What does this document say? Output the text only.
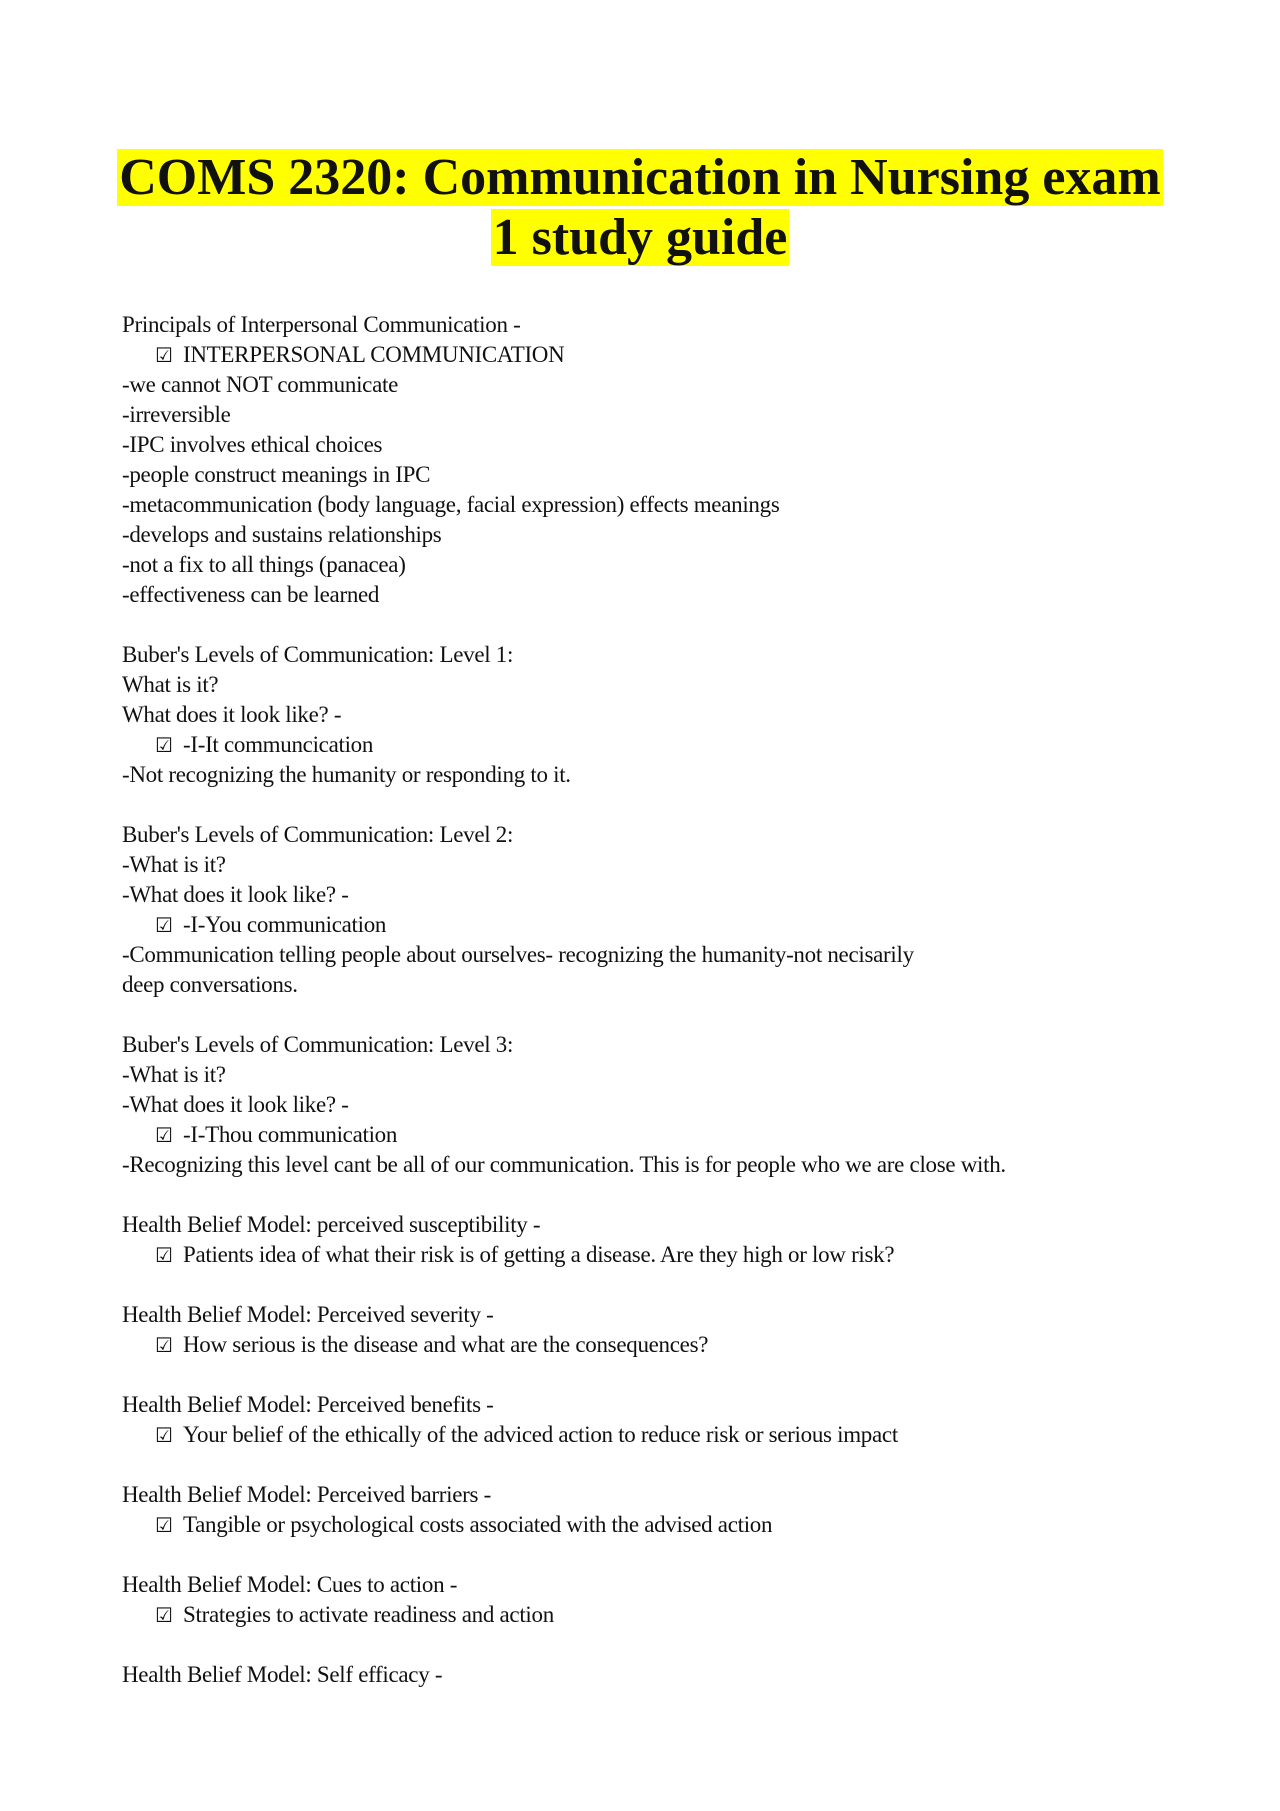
COMS 2320: Communication in Nursing exam
1 study guide
Principals of Interpersonal Communication -
☑ INTERPERSONAL COMMUNICATION
-we cannot NOT communicate
-irreversible
-IPC involves ethical choices
-people construct meanings in IPC
-metacommunication (body language, facial expression) effects meanings
-develops and sustains relationships
-not a fix to all things (panacea)
-effectiveness can be learned
Buber's Levels of Communication: Level 1:
What is it?
What does it look like? -
☑ -I-It communcication
-Not recognizing the humanity or responding to it.
Buber's Levels of Communication: Level 2:
-What is it?
-What does it look like? -
☑ -I-You communication
-Communication telling people about ourselves- recognizing the humanity-not necisarily
deep conversations.
Buber's Levels of Communication: Level 3:
-What is it?
-What does it look like? -
☑ -I-Thou communication
-Recognizing this level cant be all of our communication. This is for people who we are close with.
Health Belief Model: perceived susceptibility -
☑ Patients idea of what their risk is of getting a disease. Are they high or low risk?
Health Belief Model: Perceived severity -
☑ How serious is the disease and what are the consequences?
Health Belief Model: Perceived benefits -
☑ Your belief of the ethically of the adviced action to reduce risk or serious impact
Health Belief Model: Perceived barriers -
☑ Tangible or psychological costs associated with the advised action
Health Belief Model: Cues to action -
☑ Strategies to activate readiness and action
Health Belief Model: Self efficacy -
